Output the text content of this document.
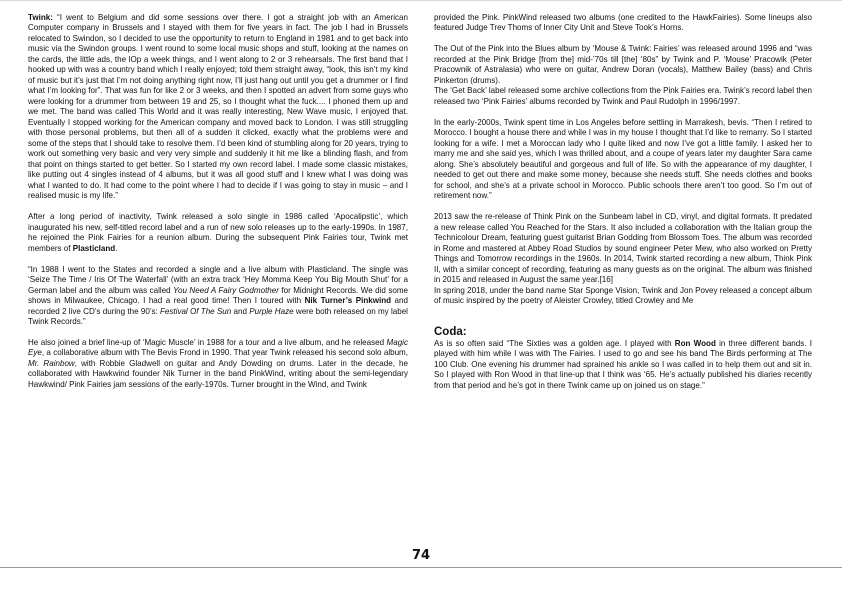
Twink: “I went to Belgium and did some sessions over there. I got a straight job with an American Computer company in Brussels and I stayed with them for five years in fact. The job I had in Brussels relocated to Swindon, so I decided to use the opportunity to return to England in 1981 and to get back into music via the Swindon groups. I went round to some local music shops and stuff, looking at the names on the cards, the little ads, the lOp a week things, and I went along to 2 or 3 rehearsals. The first band that I hooked up with was a country band which I really enjoyed; told them straight away, “look, this isn’t my kind of music but it’s just that I’m not doing anything right now, I’ll just hang out until you get a drummer or I find what I’m looking for”. That was fun for like 2 or 3 weeks, and then I spotted an advert from some guys who were looking for a drummer from between 19 and 25, so I thought what the fuck.... I phoned them up and we met. The band was called This World and it was really interesting, New Wave music, I enjoyed that. Eventually I stopped working for the American company and moved back to London. I was still struggling with those personal problems, but then all of a sudden it clicked, exactly what the problems were and some of the steps that I should take to resolve them. I’d been kind of stumbling along for 20 years, trying to work out something very basic and very very simple and suddenly it hit me like a blinding flash, and from that point on things started to get better. So I started my own record label. I made some classic mistakes, like putting out 4 singles instead of 4 albums, but it was all good stuff and I knew what I was doing was what I wanted to do. It had come to the point where I had to decide if I was going to stay in music – and I realised music is my life.”

After a long period of inactivity, Twink released a solo single in 1986 called ‘Apocalipstic’, which inaugurated his new, self-titled record label and a run of new solo releases up to the early-1990s. In 1987, he rejoined the Pink Fairies for a reunion album. During the subsequent Pink Fairies tour, Twink met members of Plasticland.

“In 1988 I went to the States and recorded a single and a live album with Plasticland. The single was ‘Seize The Time / Iris Of The Waterfall’ (with an extra track ‘Hey Momma Keep You Big Mouth Shut’ for a German label and the album was called You Need A Fairy Godmother for Midnight Records. We did some shows in Milwaukee, Chicago. I had a real good time! Then I toured with Nik Turner’s Pinkwind and recorded 2 live CD’s during the 90’s: Festival Of The Sun and Purple Haze were both released on my label Twink Records.”

He also joined a brief line-up of ‘Magic Muscle’ in 1988 for a tour and a live album, and he released Magic Eye, a collaborative album with The Bevis Frond in 1990. That year Twink released his second solo album, Mr. Rainbow, with Robbie Gladwell on guitar and Andy Dowding on drums. Later in the decade, he collaborated with Hawkwind founder Nik Turner in the band PinkWind, writing about the semi-legendary Hawkwind/ Pink Fairies jam sessions of the early-1970s. Turner brought in the Wind, and Twink

provided the Pink. PinkWind released two albums (one credited to the HawkFairies). Some lineups also featured Judge Trev Thoms of Inner City Unit and Steve Took’s Horns.

The Out of the Pink into the Blues album by ‘Mouse & Twink: Fairies’ was released around 1996 and “was recorded at the Pink Bridge [from the] mid-’70s till [the] ‘80s” by Twink and P. ‘Mouse’ Pracowik (Peter Pracownik of Astralasia) who were on guitar, Andrew Doran (vocals), Matthew Bailey (bass) and Chris Pinkerton (drums).

The ‘Get Back’ label released some archive collections from the Pink Fairies era. Twink’s record label then released two ‘Pink Fairies’ albums recorded by Twink and Paul Rudolph in 1996/1997.

In the early-2000s, Twink spent time in Los Angeles before settling in Marrakesh, bevis. “Then I retired to Morocco. I bought a house there and while I was in my house I thought that I’d like to remarry. So I started looking for a wife. I met a Moroccan lady who I quite liked and now I’ve got a little family. I asked her to marry me and she said yes, which I was thrilled about, and a coupe of years later my daughter Sara came along. She’s absolutely beautiful and gorgeous and full of life. So with the appearance of my daughter, I needed to get out there and make some money, because she needs stuff. She needs clothes and books for school, and she’s at a private school in Morocco. Public schools there aren’t too good. So I’m out of retirement now.”

2013 saw the re-release of Think Pink on the Sunbeam label in CD, vinyl, and digital formats. It predated a new release called You Reached for the Stars. It also included a collaboration with the Italian group the Technicolour Dream, featuring guest guitarist Brian Godding from Blossom Toes. The album was recorded in Rome and mastered at Abbey Road Studios by sound engineer Peter Mew, who also worked on Pretty Things and Tomorrow recordings in the 1960s. In 2014, Twink started recording a new album, Think Pink II, with a similar concept of recording, featuring as many guests as on the original. The album was finished in 2015 and released in August the same year.[16]

In spring 2018, under the band name Star Sponge Vision, Twink and Jon Povey released a concept album of music inspired by the poetry of Aleister Crowley, titled Crowley and Me

Coda:

As is so often said “The Sixties was a golden age. I played with Ron Wood in three different bands. I played with him while I was with The Fairies. I used to go and see his band The Birds performing at The 100 Club. One evening his drummer had sprained his ankle so I was called in to help them out and sit in. So I played with Ron Wood in that line-up that I think was ‘65. He’s actually published his diaries recently from that period and he’s got in there Twink came up on joined us on stage.”

74
